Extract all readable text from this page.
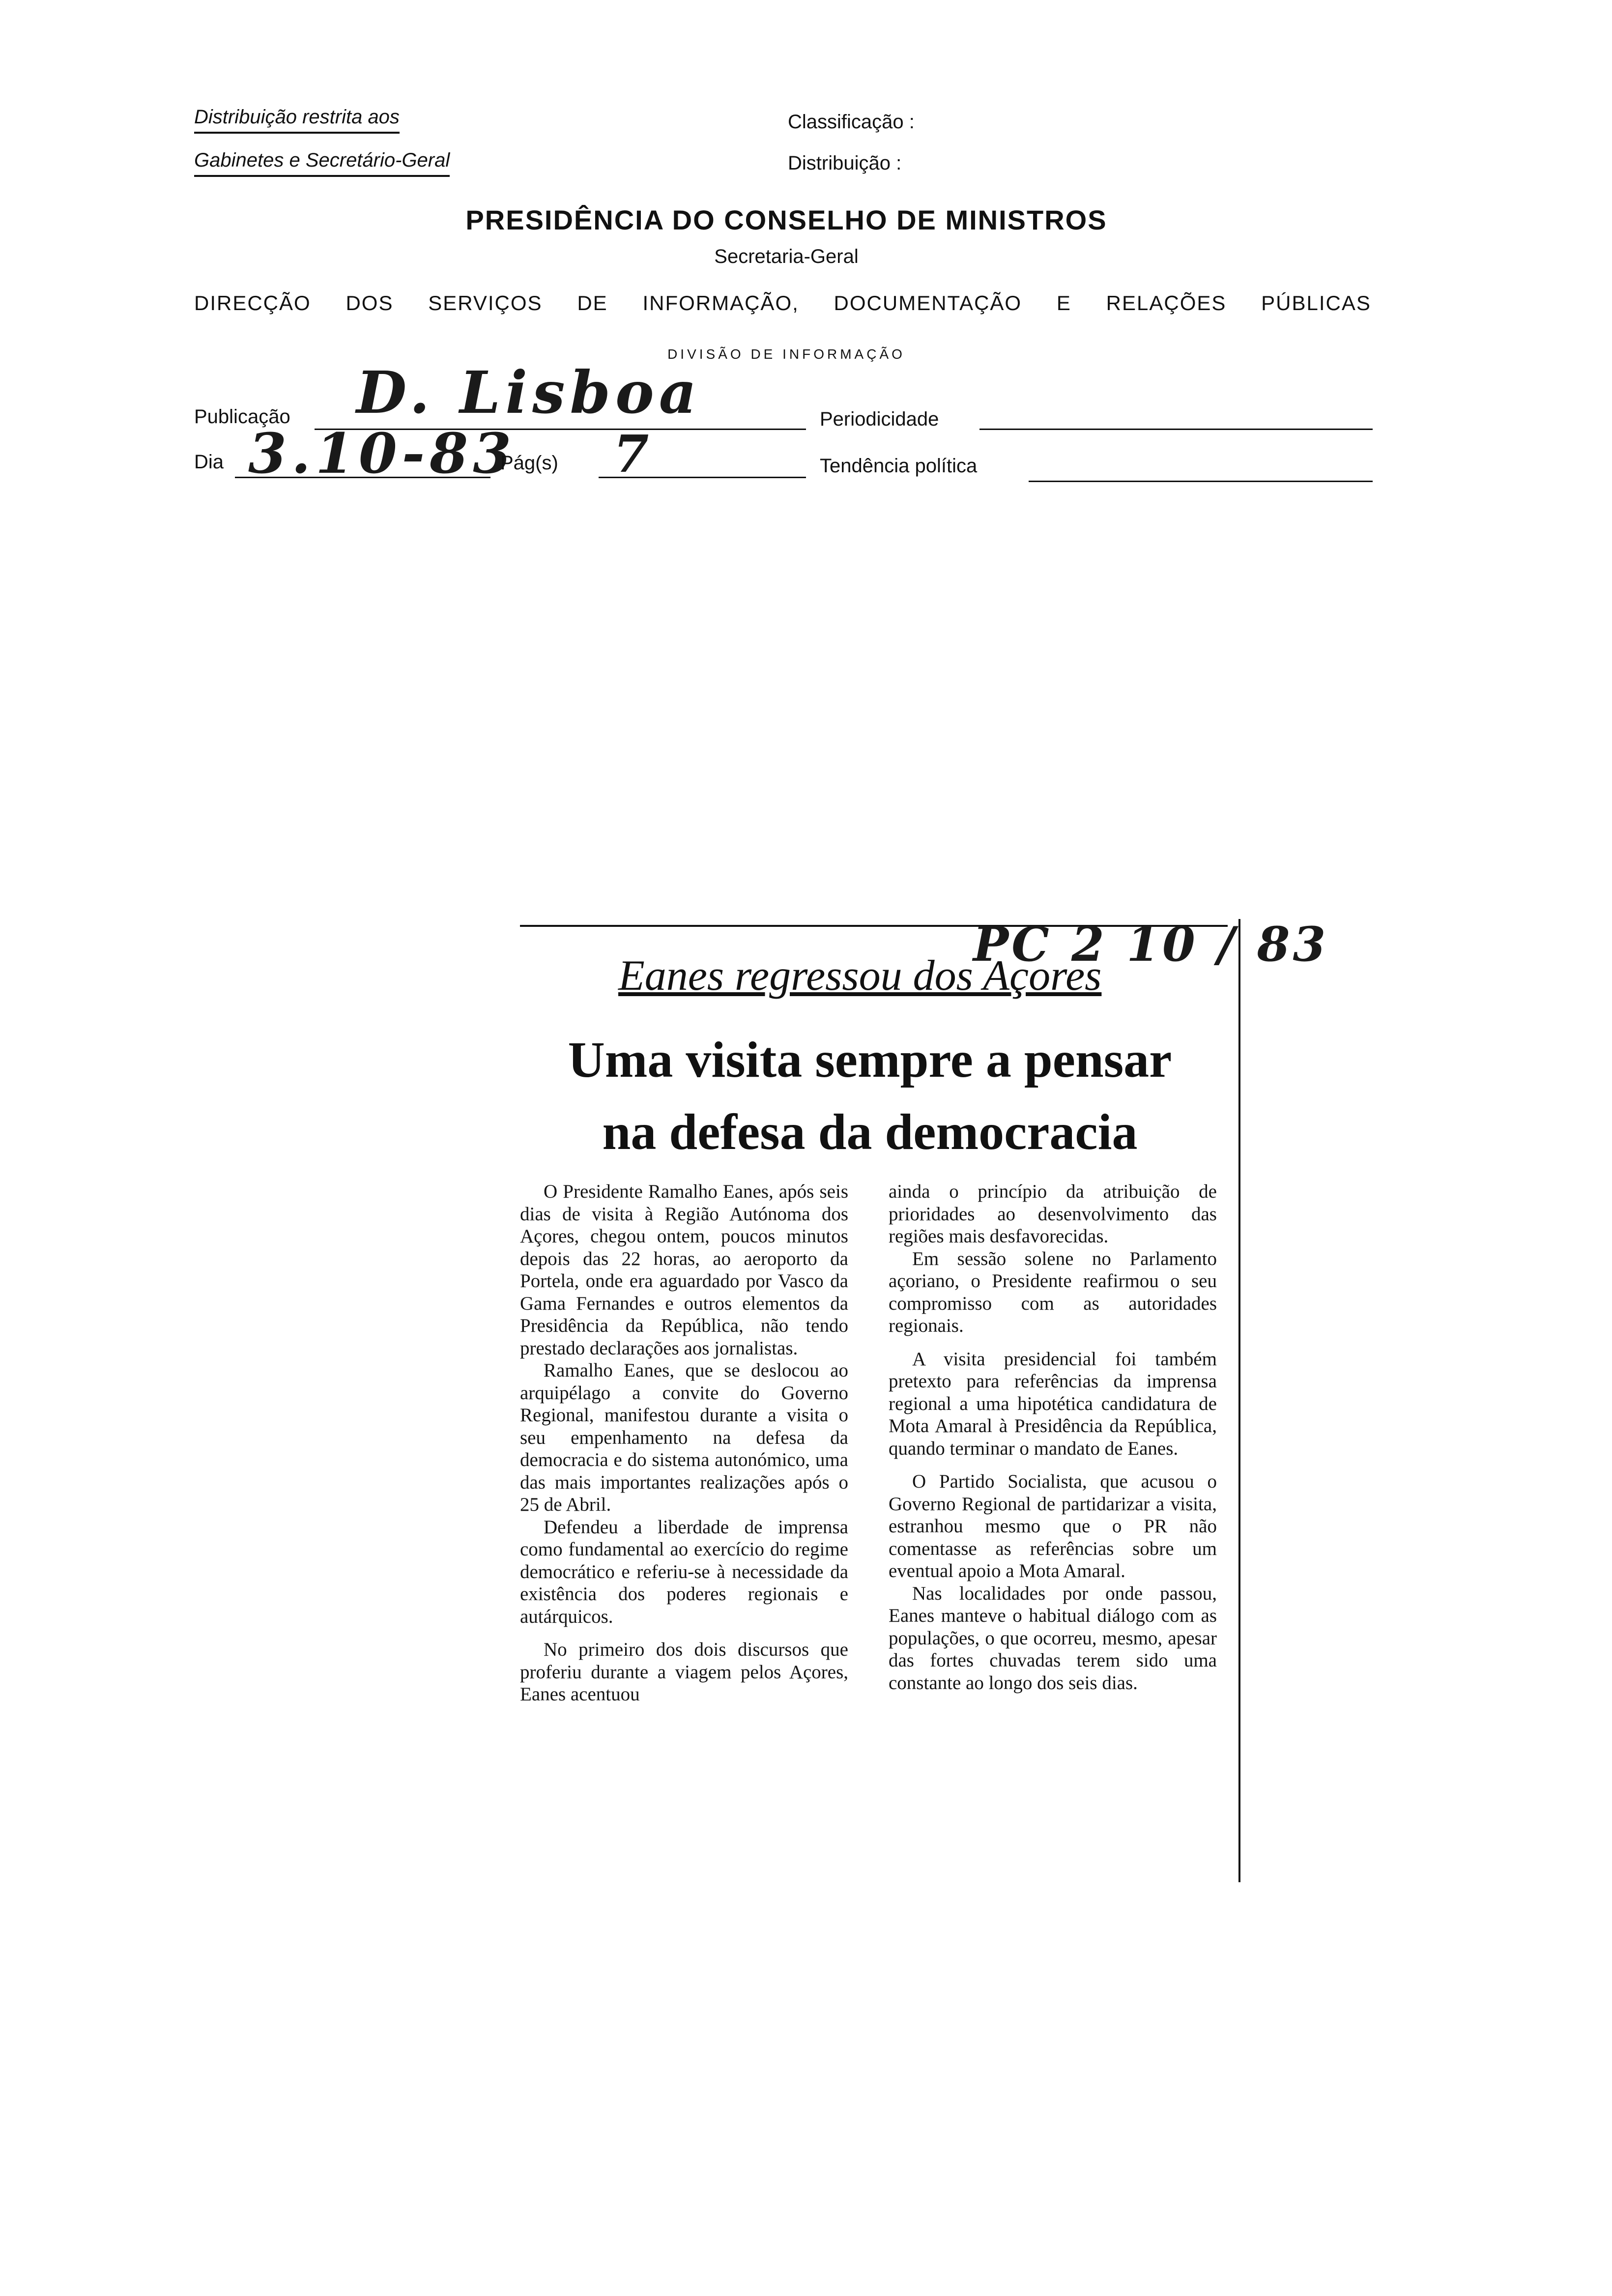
Distribuição restrita aos
Gabinetes e Secretário-Geral
Classificação :
Distribuição :
PRESIDÊNCIA DO CONSELHO DE MINISTROS
Secretaria-Geral
DIRECÇÃO DOS SERVIÇOS DE INFORMAÇÃO, DOCUMENTAÇÃO E RELAÇÕES PÚBLICAS
DIVISÃO DE INFORMAÇÃO
Publicação D. Lisboa	Periodicidade
Dia 3.10-83
Pág(s) 7	Tendência política
PC 2 10 / 83
Eanes regressou dos Açores
Uma visita sempre a pensar
na defesa da democracia

O Presidente Ramalho Eanes, após seis dias de visita à Região Autónoma dos Açores, chegou ontem, poucos minutos depois das 22 horas, ao aeroporto da Portela, onde era aguardado por Vasco da Gama Fernandes e outros elementos da Presidência da República, não tendo prestado declarações aos jornalistas.

Ramalho Eanes, que se deslocou ao arquipélago a convite do Governo Regional, manifestou durante a visita o seu empenhamento na defesa da democracia e do sistema autonómico, uma das mais importantes realizações após o 25 de Abril.

Defendeu a liberdade de imprensa como fundamental ao exercício do regime democrático e referiu-se à necessidade da existência dos poderes regionais e autárquicos.

No primeiro dos dois discursos que proferiu durante a viagem pelos Açores, Eanes acentuou

ainda o princípio da atribuição de prioridades ao desenvolvimento das regiões mais desfavorecidas.

Em sessão solene no Parlamento açoriano, o Presidente reafirmou o seu compromisso com as autoridades regionais.

A visita presidencial foi também pretexto para referências da imprensa regional a uma hipotética candidatura de Mota Amaral à Presidência da República, quando terminar o mandato de Eanes.

O Partido Socialista, que acusou o Governo Regional de partidarizar a visita, estranhou mesmo que o PR não comentasse as referências sobre um eventual apoio a Mota Amaral.

Nas localidades por onde passou, Eanes manteve o habitual diálogo com as populações, o que ocorreu, mesmo, apesar das fortes chuvadas terem sido uma constante ao longo dos seis dias.
